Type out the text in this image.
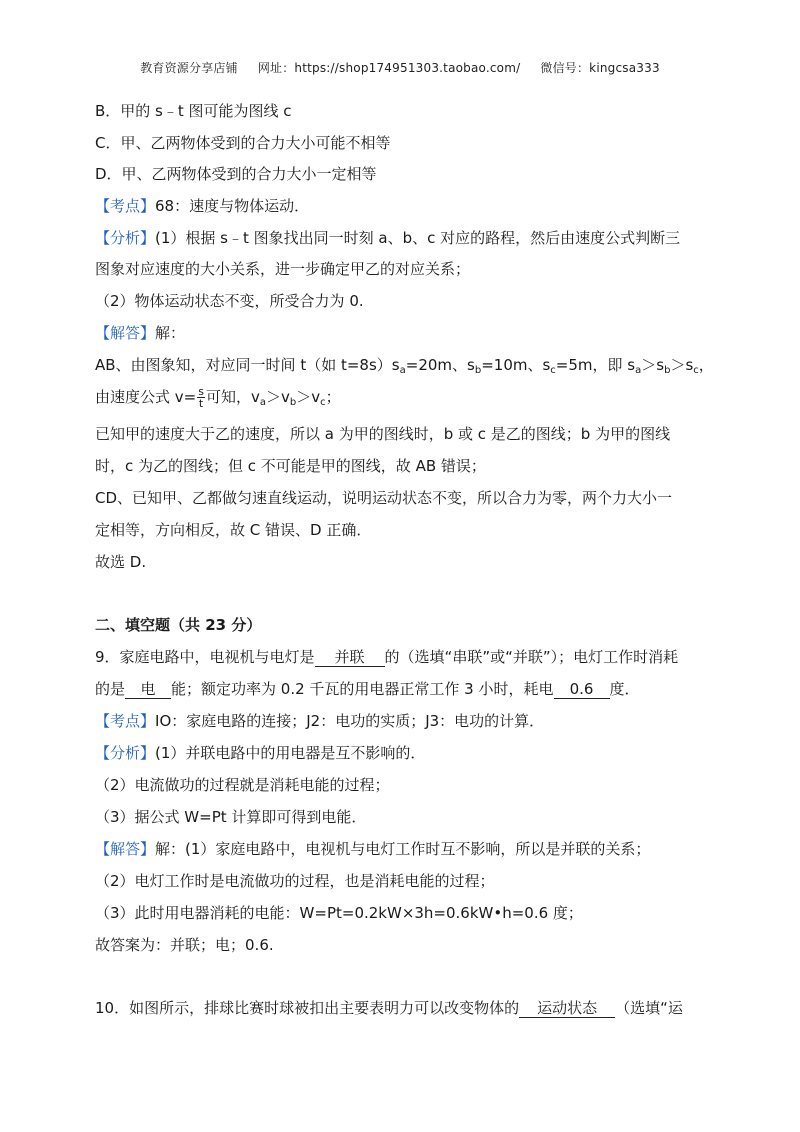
教育资源分享店铺 网址：https://shop174951303.taobao.com/ 微信号：kingcsa333
B．甲的 s﹣t 图可能为图线 c
C．甲、乙两物体受到的合力大小可能不相等
D．甲、乙两物体受到的合力大小一定相等
【考点】68：速度与物体运动．
【分析】(1）根据 s﹣t 图象找出同一时刻 a、b、c 对应的路程，然后由速度公式判断三
图象对应速度的大小关系，进一步确定甲乙的对应关系；
（2）物体运动状态不变，所受合力为 0.
【解答】解：
AB、由图象知，对应同一时间 t（如 $t=8s)s_a=20m$、$s_b=10m$、$s_c=5m$，即 $s_a>s_b>s_c$，
由速度公式 $v= \frac{s}{t}$ 可知，$v_a>v_b>v_c$；
已知甲的速度大于乙的速度，所以 a 为甲的图线时，b 或 c 是乙的图线；b 为甲的图线
时，c 为乙的图线；但 c 不可能是甲的图线，故 AB 错误；
CD、已知甲、乙都做匀速直线运动，说明运动状态不变，所以合力为零，两个力大小一
定相等，方向相反，故 C 错误、D 正确．
故选 D.
二、填空题（共 23 分）
9．家庭电路中，电视机与电灯是 并联 的（选填“串联”或“并联”）；电灯工作时消耗
的是 电 能；额定功率为 0.2 千瓦的用电器正常工作 3 小时，耗电 0.6 度．
【考点】IO：家庭电路的连接；J2：电功的实质；J3：电功的计算．
【分析】(1）并联电路中的用电器是互不影响的．
（2）电流做功的过程就是消耗电能的过程；
（3）据公式 W=Pt 计算即可得到电能．
【解答】解：(1）家庭电路中，电视机与电灯工作时互不影响，所以是并联的关系；
（2）电灯工作时是电流做功的过程，也是消耗电能的过程；
（3）此时用电器消耗的电能：W=Pt=0.2kW×3h=0.6kW•h=0.6 度；
故答案为：并联；电；0.6.
10．如图所示，排球比赛时球被扣出主要表明力可以改变物体的 运动状态 （选填“运
